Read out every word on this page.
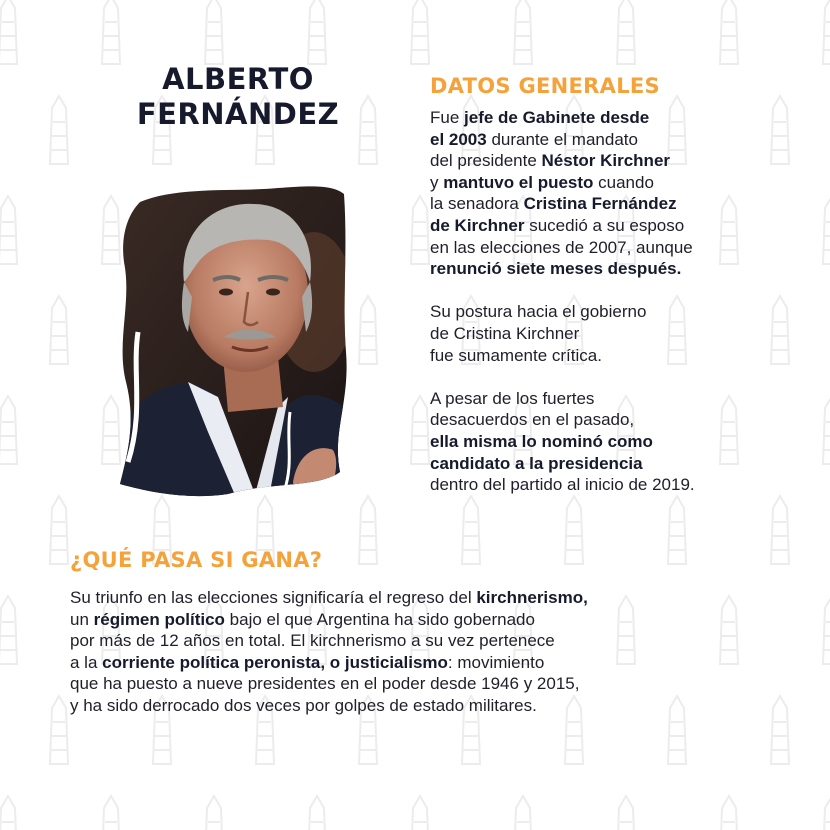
ALBERTO
FERNÁNDEZ
DATOS GENERALES

Fue jefe de Gabinete desde
el 2003 durante el mandato
del presidente Néstor Kirchner
y mantuvo el puesto cuando
la senadora Cristina Fernández
de Kirchner sucedió a su esposo
en las elecciones de 2007, aunque
renunció siete meses después.

Su postura hacia el gobierno
de Cristina Kirchner
fue sumamente crítica.

A pesar de los fuertes
desacuerdos en el pasado,
ella misma lo nominó como
candidato a la presidencia
dentro del partido al inicio de 2019.

¿QUÉ PASA SI GANA?
Su triunfo en las elecciones significaría el regreso del kirchnerismo,
un régimen político bajo el que Argentina ha sido gobernado
por más de 12 años en total. El kirchnerismo a su vez pertenece
a la corriente política peronista, o justicialismo: movimiento
que ha puesto a nueve presidentes en el poder desde 1946 y 2015,
y ha sido derrocado dos veces por golpes de estado militares.
